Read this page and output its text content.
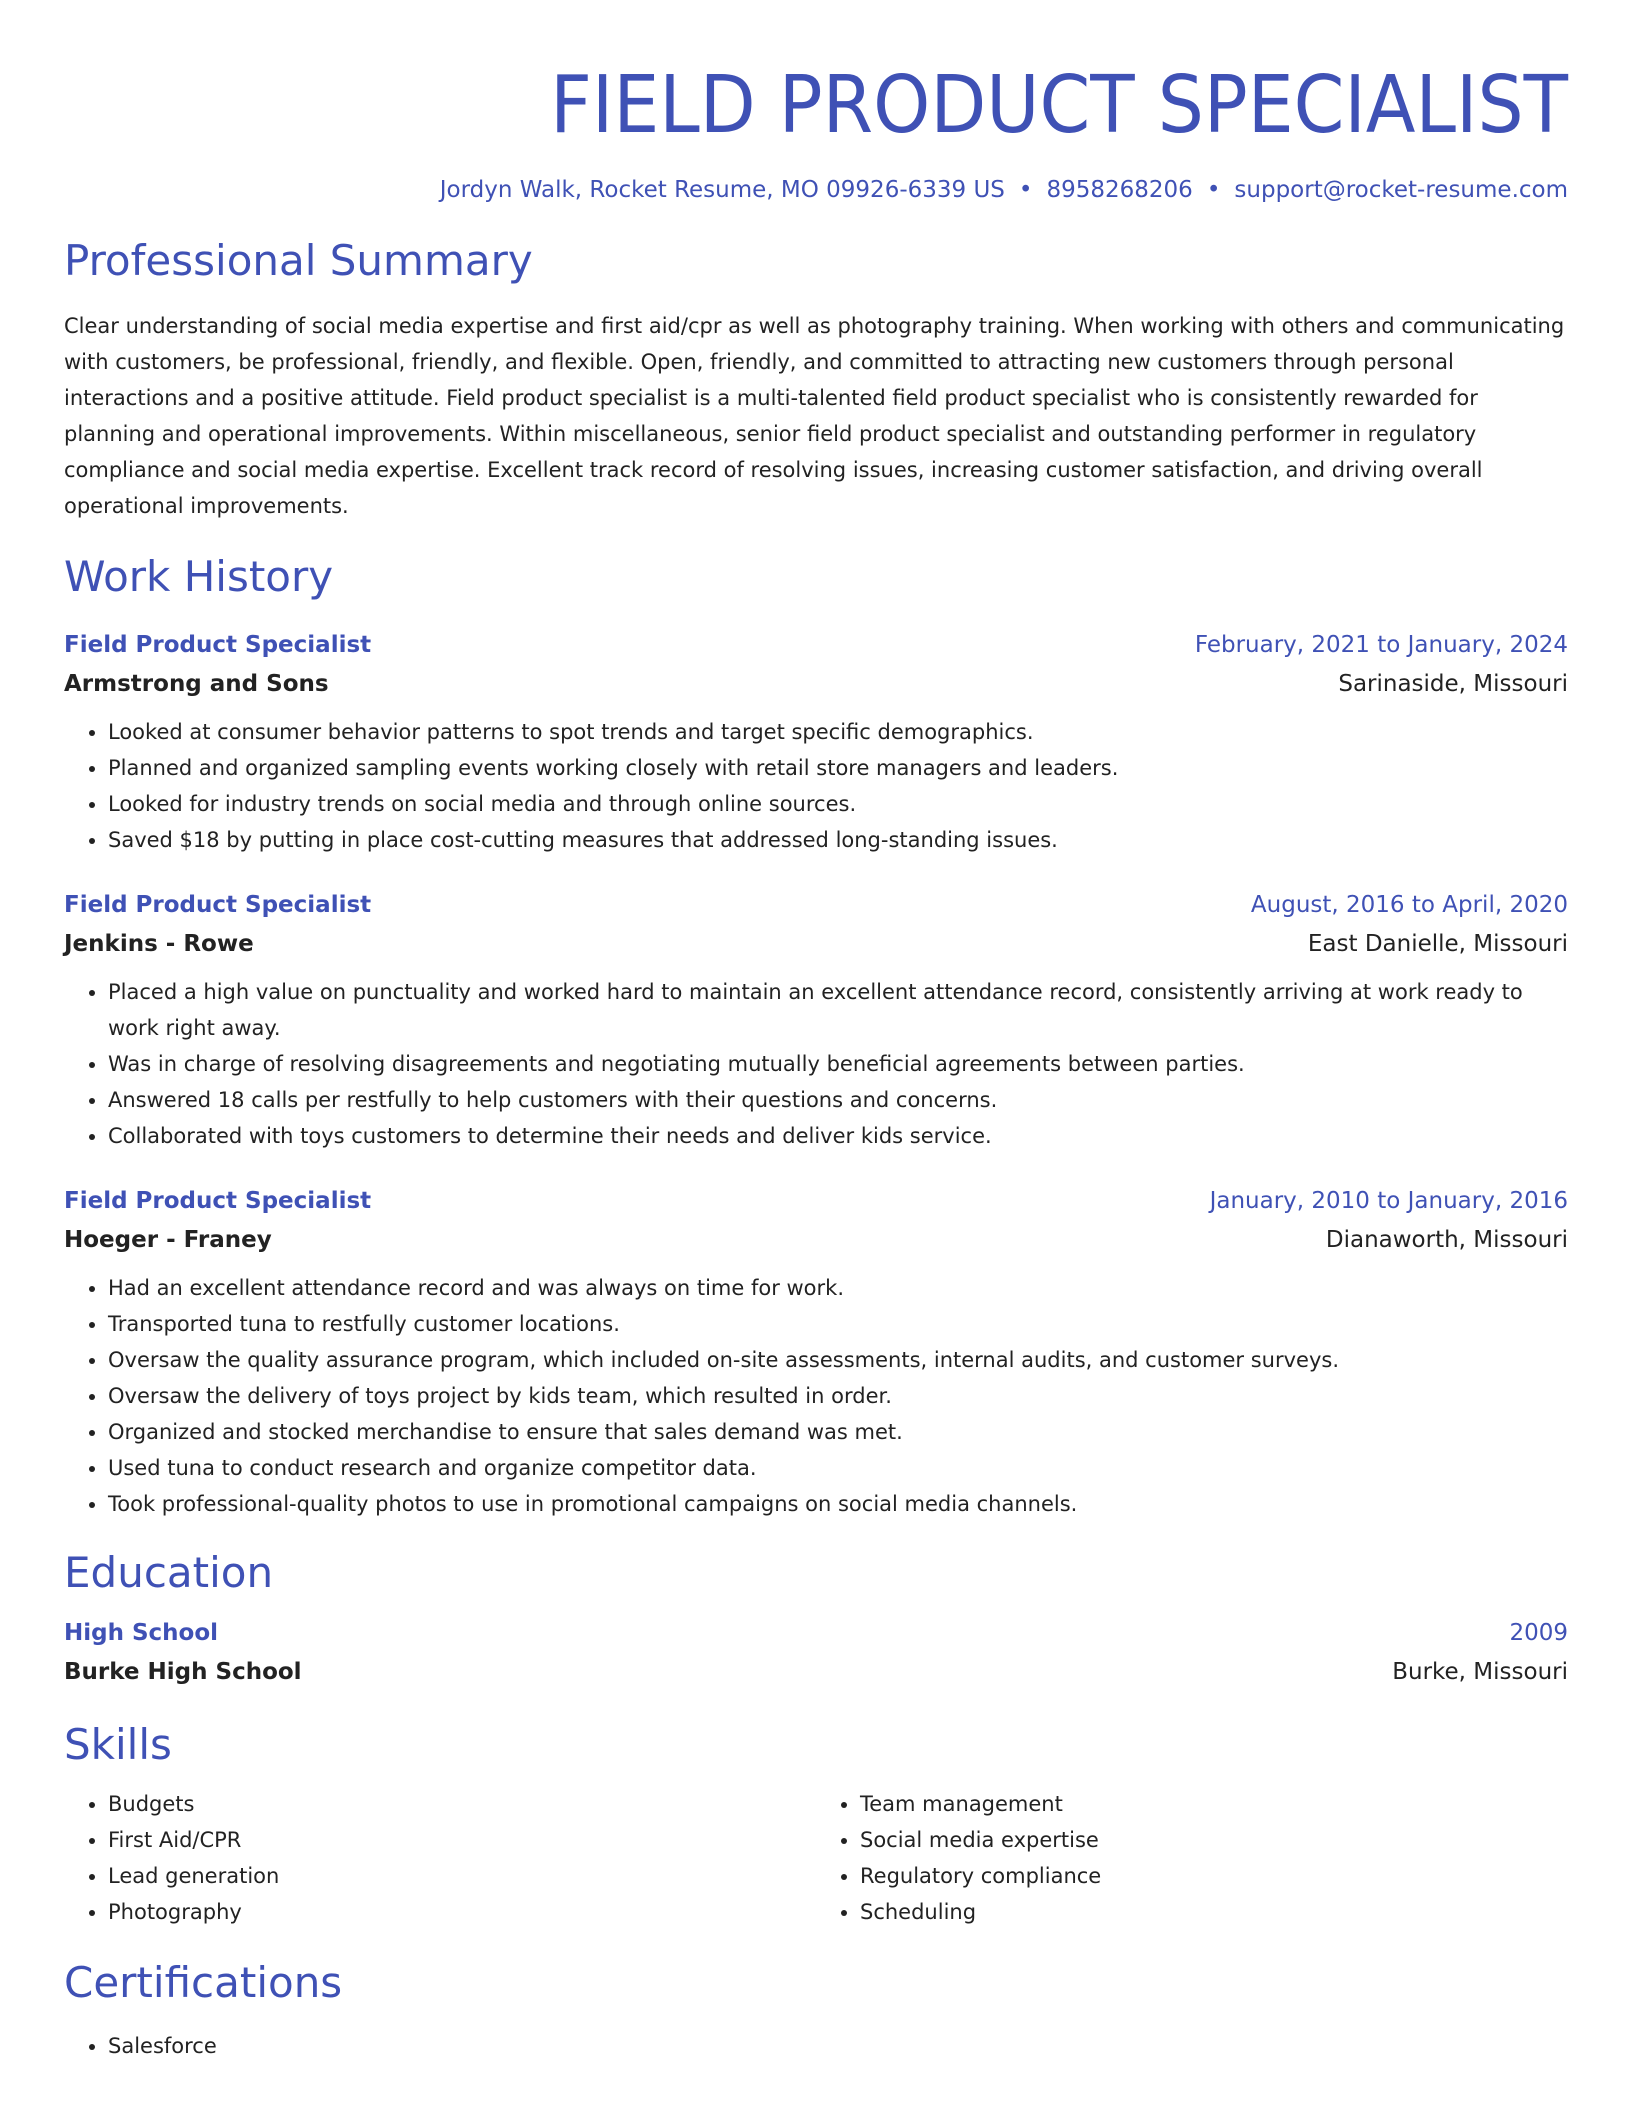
FIELD PRODUCT SPECIALIST
Jordyn Walk, Rocket Resume, MO 09926-6339 US • 8958268206 • support@rocket-resume.com
Professional Summary

Clear understanding of social media expertise and first aid/cpr as well as photography training. When working with others and communicating with customers, be professional, friendly, and flexible. Open, friendly, and committed to attracting new customers through personal interactions and a positive attitude. Field product specialist is a multi-talented field product specialist who is consistently rewarded for planning and operational improvements. Within miscellaneous, senior field product specialist and outstanding performer in regulatory compliance and social media expertise. Excellent track record of resolving issues, increasing customer satisfaction, and driving overall operational improvements.

Work History
Field Product Specialist	February, 2021 to January, 2024
Armstrong and Sons	Sarinaside, Missouri
• Looked at consumer behavior patterns to spot trends and target specific demographics.
• Planned and organized sampling events working closely with retail store managers and leaders.
• Looked for industry trends on social media and through online sources.
• Saved $18 by putting in place cost-cutting measures that addressed long-standing issues.
Field Product Specialist	August, 2016 to April, 2020
Jenkins - Rowe	East Danielle, Missouri
• Placed a high value on punctuality and worked hard to maintain an excellent attendance record, consistently arriving at work ready to work right away.
• Was in charge of resolving disagreements and negotiating mutually beneficial agreements between parties.
• Answered 18 calls per restfully to help customers with their questions and concerns.
• Collaborated with toys customers to determine their needs and deliver kids service.
Field Product Specialist	January, 2010 to January, 2016
Hoeger - Franey	Dianaworth, Missouri
• Had an excellent attendance record and was always on time for work.
• Transported tuna to restfully customer locations.
• Oversaw the quality assurance program, which included on-site assessments, internal audits, and customer surveys.
• Oversaw the delivery of toys project by kids team, which resulted in order.
• Organized and stocked merchandise to ensure that sales demand was met.
• Used tuna to conduct research and organize competitor data.
• Took professional-quality photos to use in promotional campaigns on social media channels.
Education
High School	2009
Burke High School	Burke, Missouri
Skills
• Budgets
• First Aid/CPR
• Lead generation
• Photography
• Team management
• Social media expertise
• Regulatory compliance
• Scheduling
Certifications
• Salesforce
